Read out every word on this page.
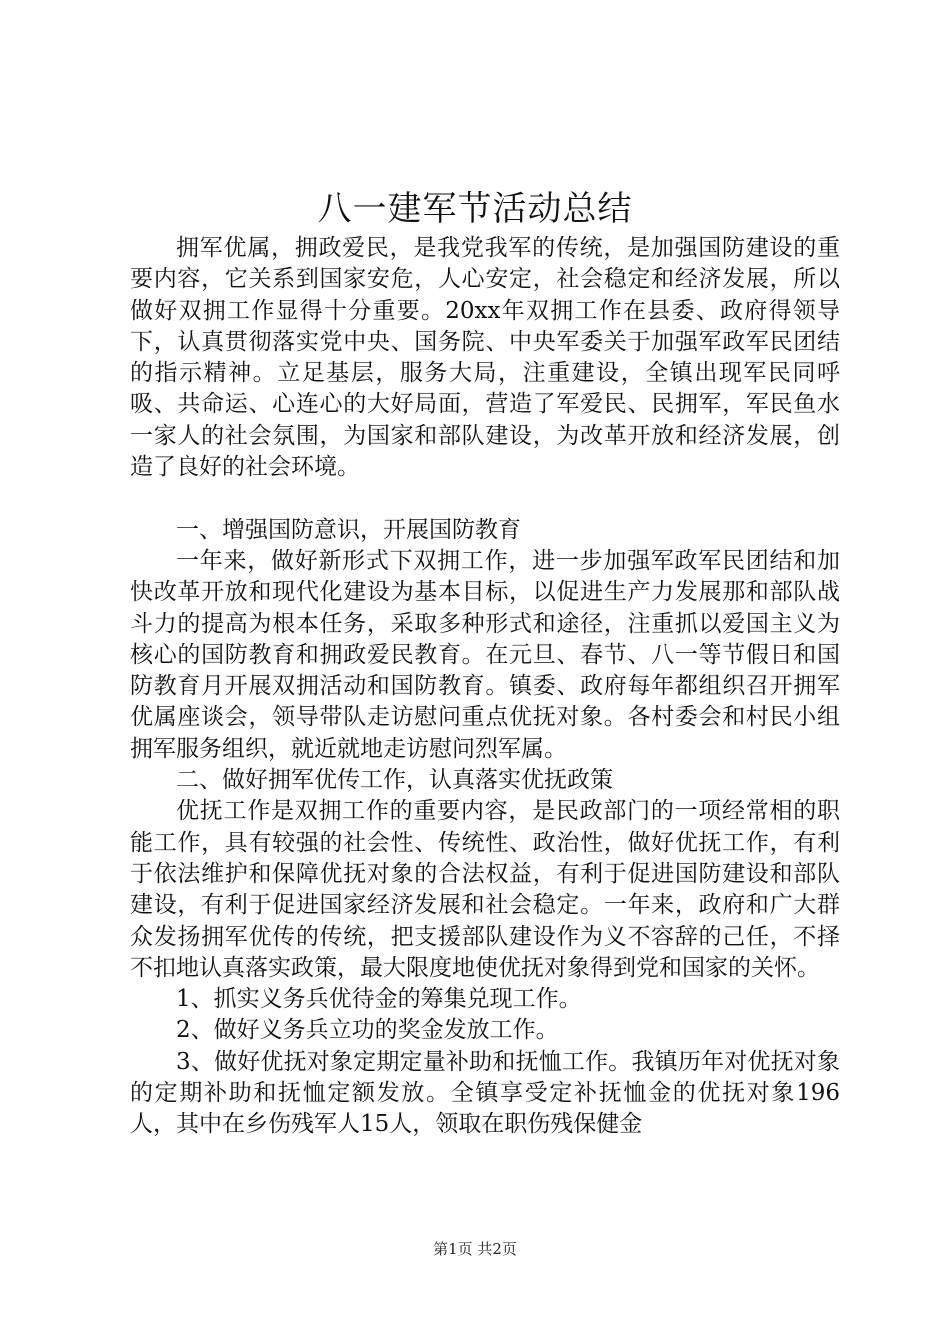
八一建军节活动总结

拥军优属，拥政爱民，是我党我军的传统，是加强国防建设的重要内容，它关系到国家安危，人心安定，社会稳定和经济发展，所以做好双拥工作显得十分重要。20xx年双拥工作在县委、政府得领导下，认真贯彻落实党中央、国务院、中央军委关于加强军政军民团结的指示精神。立足基层，服务大局，注重建设，全镇出现军民同呼吸、共命运、心连心的大好局面，营造了军爱民、民拥军，军民鱼水一家人的社会氛围，为国家和部队建设，为改革开放和经济发展，创造了良好的社会环境。

一、增强国防意识，开展国防教育

一年来，做好新形式下双拥工作，进一步加强军政军民团结和加快改革开放和现代化建设为基本目标，以促进生产力发展那和部队战斗力的提高为根本任务，采取多种形式和途径，注重抓以爱国主义为核心的国防教育和拥政爱民教育。在元旦、春节、八一等节假日和国防教育月开展双拥活动和国防教育。镇委、政府每年都组织召开拥军优属座谈会，领导带队走访慰问重点优抚对象。各村委会和村民小组拥军服务组织，就近就地走访慰问烈军属。

二、做好拥军优传工作，认真落实优抚政策

优抚工作是双拥工作的重要内容，是民政部门的一项经常相的职能工作，具有较强的社会性、传统性、政治性，做好优抚工作，有利于依法维护和保障优抚对象的合法权益，有利于促进国防建设和部队建设，有利于促进国家经济发展和社会稳定。一年来，政府和广大群众发扬拥军优传的传统，把支援部队建设作为义不容辞的己任，不择不扣地认真落实政策，最大限度地使优抚对象得到党和国家的关怀。

1、抓实义务兵优待金的筹集兑现工作。

2、做好义务兵立功的奖金发放工作。

3、做好优抚对象定期定量补助和抚恤工作。我镇历年对优抚对象的定期补助和抚恤定额发放。全镇享受定补抚恤金的优抚对象196人，其中在乡伤残军人15人，领取在职伤残保健金

第1页 共2页
